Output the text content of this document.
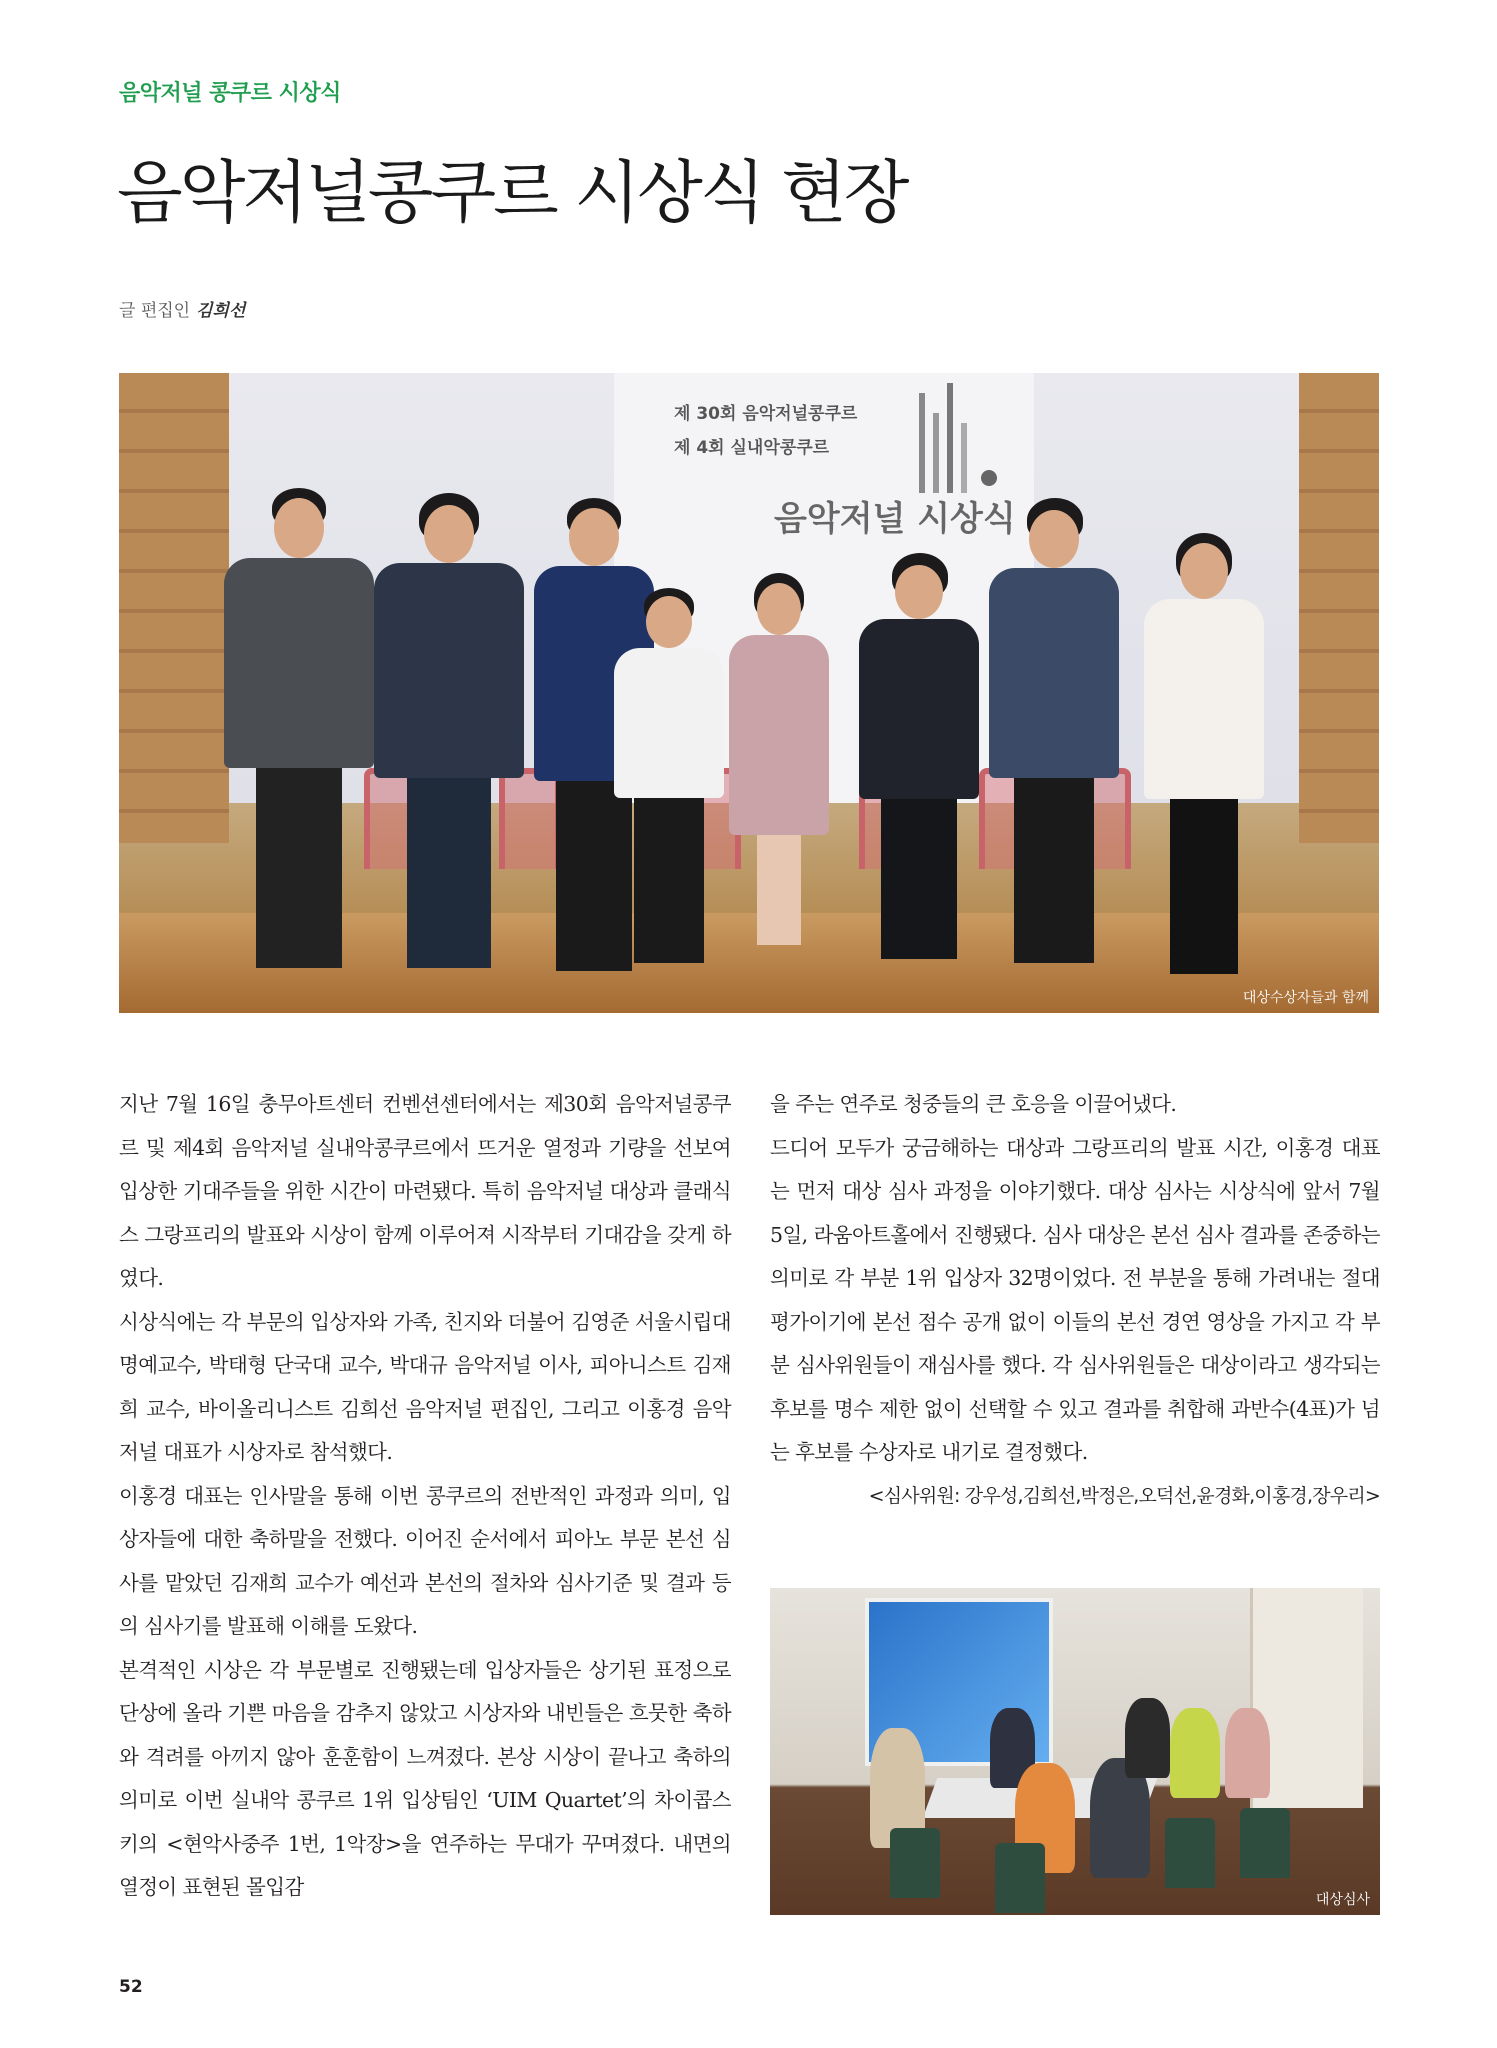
음악저널 콩쿠르 시상식
음악저널콩쿠르 시상식 현장
글 편집인 김희선
제 30회 음악저널콩쿠르
제 4회 실내악콩쿠르
음악저널 시상식
대상수상자들과 함께

지난 7월 16일 충무아트센터 컨벤션센터에서는 제30회 음악저널콩쿠르 및 제4회 음악저널 실내악콩쿠르에서 뜨거운 열정과 기량을 선보여 입상한 기대주들을 위한 시간이 마련됐다. 특히 음악저널 대상과 클래식스 그랑프리의 발표와 시상이 함께 이루어져 시작부터 기대감을 갖게 하였다.

시상식에는 각 부문의 입상자와 가족, 친지와 더불어 김영준 서울시립대 명예교수, 박태형 단국대 교수, 박대규 음악저널 이사, 피아니스트 김재희 교수, 바이올리니스트 김희선 음악저널 편집인, 그리고 이홍경 음악저널 대표가 시상자로 참석했다.

이홍경 대표는 인사말을 통해 이번 콩쿠르의 전반적인 과정과 의미, 입상자들에 대한 축하말을 전했다. 이어진 순서에서 피아노 부문 본선 심사를 맡았던 김재희 교수가 예선과 본선의 절차와 심사기준 및 결과 등의 심사기를 발표해 이해를 도왔다.

본격적인 시상은 각 부문별로 진행됐는데 입상자들은 상기된 표정으로 단상에 올라 기쁜 마음을 감추지 않았고 시상자와 내빈들은 흐뭇한 축하와 격려를 아끼지 않아 훈훈함이 느껴졌다. 본상 시상이 끝나고 축하의 의미로 이번 실내악 콩쿠르 1위 입상팀인 ‘UIM Quartet’의 차이콥스키의 <현악사중주 1번, 1악장>을 연주하는 무대가 꾸며졌다. 내면의 열정이 표현된 몰입감

을 주는 연주로 청중들의 큰 호응을 이끌어냈다.

드디어 모두가 궁금해하는 대상과 그랑프리의 발표 시간, 이홍경 대표는 먼저 대상 심사 과정을 이야기했다. 대상 심사는 시상식에 앞서 7월 5일, 라움아트홀에서 진행됐다. 심사 대상은 본선 심사 결과를 존중하는 의미로 각 부분 1위 입상자 32명이었다. 전 부분을 통해 가려내는 절대평가이기에 본선 점수 공개 없이 이들의 본선 경연 영상을 가지고 각 부분 심사위원들이 재심사를 했다. 각 심사위원들은 대상이라고 생각되는 후보를 명수 제한 없이 선택할 수 있고 결과를 취합해 과반수(4표)가 넘는 후보를 수상자로 내기로 결정했다.

<심사위원: 강우성,김희선,박정은,오덕선,윤경화,이홍경,장우리>

대상심사
52
